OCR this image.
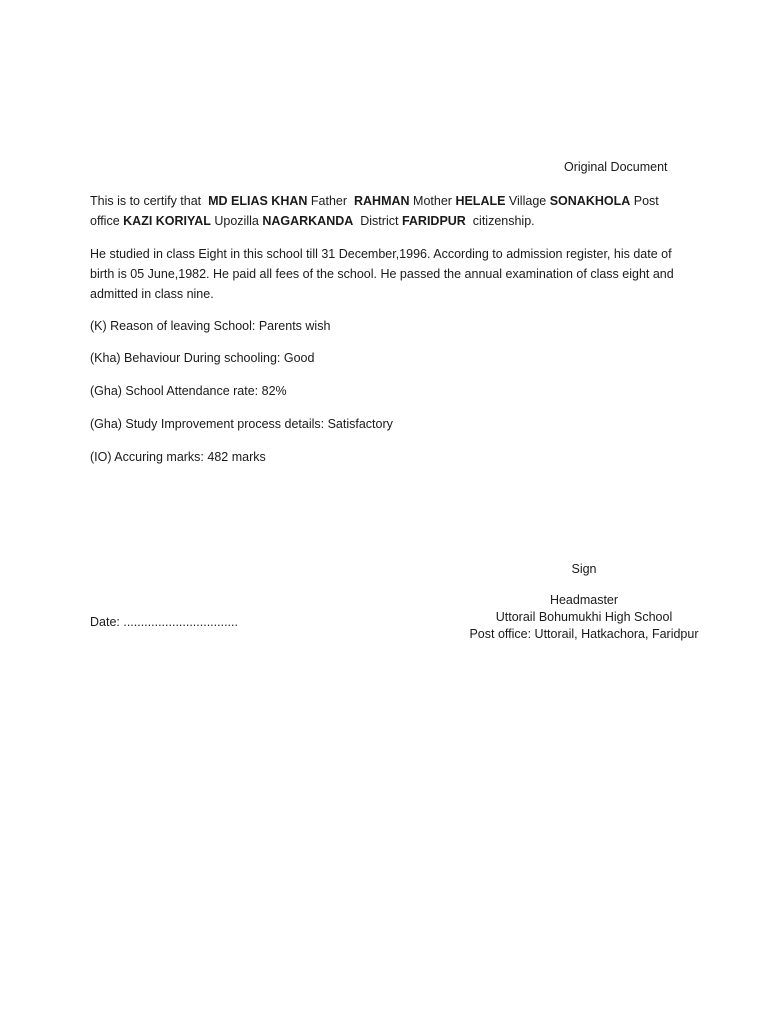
Original Document
This is to certify that MD ELIAS KHAN Father RAHMAN Mother HELALE Village SONAKHOLA Post office KAZI KORIYAL Upozilla NAGARKANDA District FARIDPUR citizenship.
He studied in class Eight in this school till 31 December,1996. According to admission register, his date of birth is 05 June,1982. He paid all fees of the school. He passed the annual examination of class eight and admitted in class nine.
(K) Reason of leaving School: Parents wish
(Kha) Behaviour During schooling: Good
(Gha) School Attendance rate: 82%
(Gha) Study Improvement process details: Satisfactory
(IO) Accuring marks: 482 marks
Sign
Headmaster
Uttorail Bohumukhi High School
Post office: Uttorail, Hatkachora, Faridpur
Date: .................................
